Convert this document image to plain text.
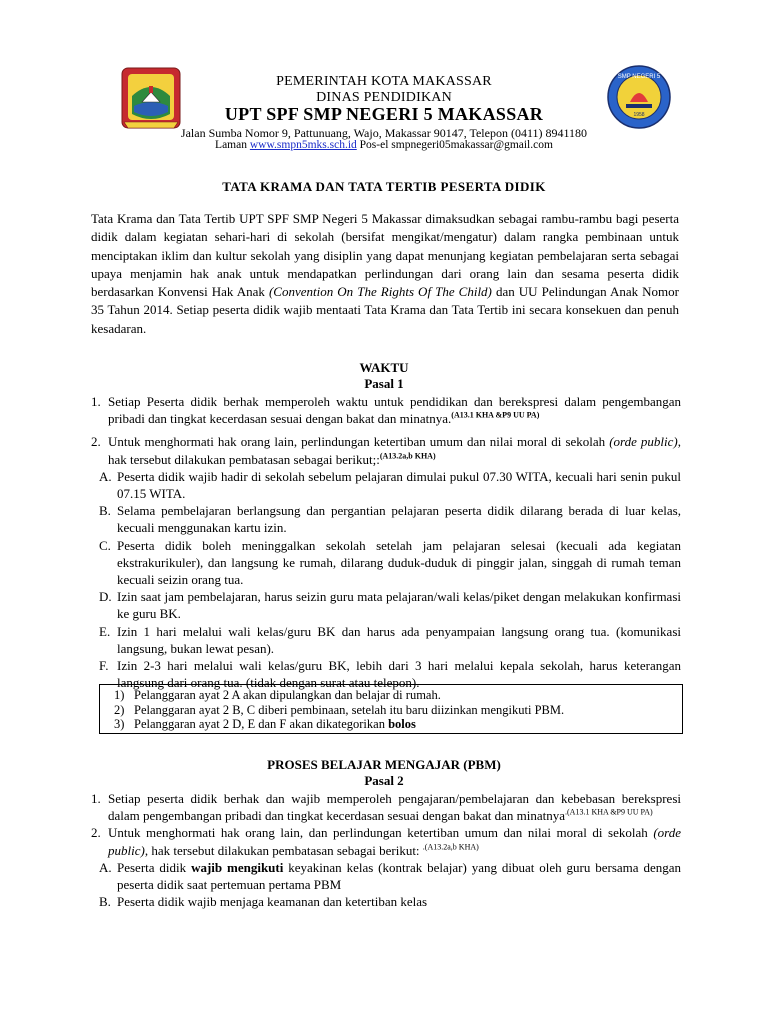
SMP NEGERI 5
1958
PEMERINTAH KOTA MAKASSAR
DINAS PENDIDIKAN
UPT SPF SMP NEGERI 5 MAKASSAR
Jalan Sumba Nomor 9, Pattunuang, Wajo, Makassar 90147, Telepon (0411) 8941180
Laman www.smpn5mks.sch.id Pos-el smpnegeri05makassar@gmail.com
TATA KRAMA DAN TATA TERTIB PESERTA DIDIK
Tata Krama dan Tata Tertib UPT SPF SMP Negeri 5 Makassar dimaksudkan sebagai rambu-rambu bagi peserta didik dalam kegiatan sehari-hari di sekolah (bersifat mengikat/mengatur) dalam rangka pembinaan untuk menciptakan iklim dan kultur sekolah yang disiplin yang dapat menunjang kegiatan pembelajaran serta sebagai upaya menjamin hak anak untuk mendapatkan perlindungan dari orang lain dan sesama peserta didik berdasarkan Konvensi Hak Anak (Convention On The Rights Of The Child) dan UU Pelindungan Anak Nomor 35 Tahun 2014. Setiap peserta didik wajib mentaati Tata Krama dan Tata Tertib ini secara konsekuen dan penuh kesadaran.
WAKTU
Pasal 1
1. Setiap Peserta didik berhak memperoleh waktu untuk pendidikan dan berekspresi dalam pengembangan pribadi dan tingkat kecerdasan sesuai dengan bakat dan minatnya.$^{(A13.1 KHA \&P9 UU PA)}$
2. Untuk menghormati hak orang lain, perlindungan ketertiban umum dan nilai moral di sekolah (orde public), hak tersebut dilakukan pembatasan sebagai berikut;:$^{(A13.2a,b KHA)}$
A. Peserta didik wajib hadir di sekolah sebelum pelajaran dimulai pukul 07.30 WITA, kecuali hari senin pukul 07.15 WITA.
B. Selama pembelajaran berlangsung dan pergantian pelajaran peserta didik dilarang berada di luar kelas, kecuali menggunakan kartu izin.
C. Peserta didik boleh meninggalkan sekolah setelah jam pelajaran selesai (kecuali ada kegiatan ekstrakurikuler), dan langsung ke rumah, dilarang duduk-duduk di pinggir jalan, singgah di rumah teman kecuali seizin orang tua.
D. Izin saat jam pembelajaran, harus seizin guru mata pelajaran/wali kelas/piket dengan melakukan konfirmasi ke guru BK.
E. Izin 1 hari melalui wali kelas/guru BK dan harus ada penyampaian langsung orang tua. (komunikasi langsung, bukan lewat pesan).
F. Izin 2-3 hari melalui wali kelas/guru BK, lebih dari 3 hari melalui kepala sekolah, harus keterangan langsung dari orang tua. (tidak dengan surat atau telepon).
1) Pelanggaran ayat 2 A akan dipulangkan dan belajar di rumah.
2) Pelanggaran ayat 2 B, C diberi pembinaan, setelah itu baru diizinkan mengikuti PBM.
3) Pelanggaran ayat 2 D, E dan F akan dikategorikan bolos
PROSES BELAJAR MENGAJAR (PBM)
Pasal 2
1. Setiap peserta didik berhak dan wajib memperoleh pengajaran/pembelajaran dan kebebasan berekspresi dalam pengembangan pribadi dan tingkat kecerdasan sesuai dengan bakat dan minatnya$^{.(A13.1 KHA \&P9 UU PA)}$
2. Untuk menghormati hak orang lain, dan perlindungan ketertiban umum dan nilai moral di sekolah (orde public), hak tersebut dilakukan pembatasan sebagai berikut: $^{.(A13.2a,b KHA)}$
A. Peserta didik wajib mengikuti keyakinan kelas (kontrak belajar) yang dibuat oleh guru bersama dengan peserta didik saat pertemuan pertama PBM
B. Peserta didik wajib menjaga keamanan dan ketertiban kelas
